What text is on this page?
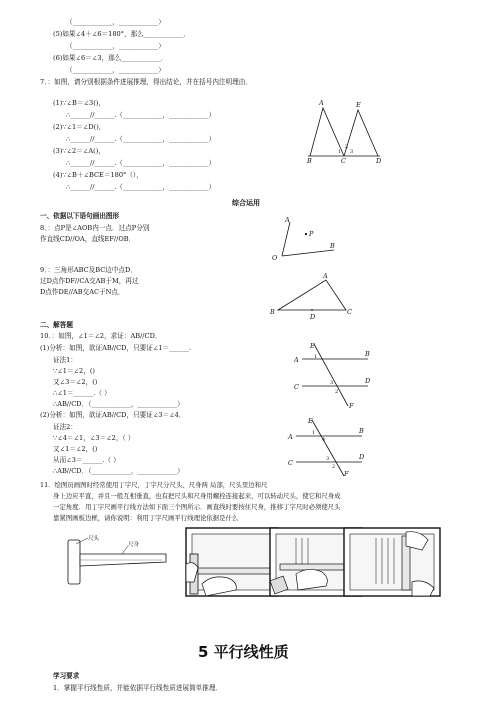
（____________，____________）
(5)如果∠4＋∠6＝180°，那么____________．
（____________，____________）
(6)如果∠6＝∠3，那么____________．
（____________，____________）
7．：如图，请分别根据条件进展推理，得出结论，并在括号内注明理由．
(1)∵∠B＝∠3()，
∴______//______.（____________，____________）
(2)∵∠1＝∠D()，
∴______//______.（____________，____________）
(3)∵∠2＝∠A()，
∴______//______.（____________，____________）
(4)∵∠B＋∠BCE＝180°（），
∴______//______.（____________，____________）
A	E
B	C	D
1
2
3
综合运用
一、依据以下语句画出图形
8．：点P是∠AOB内一点．过点P分别
作直线CD//OA，直线EF//OB．
A
P
O
B
9．：三角形ABC及BC边中点D．
过D点作DF//CA交AB于M，再过
D点作DE//AB交AC于N点．
A
B	C
D
二、解答题
10．：如图，∠1＝∠2，求证：AB//CD．
(1)分析：如图，欲证AB//CD，只要证∠1＝______.
证法1：
∵∠1＝∠2，()
又∠3＝∠2，()
∴∠1＝______.（ ）
∴AB//CD．（____________，____________）
(2)分析：如图，欲证AB//CD，只要证∠3＝∠4．
证法2：
∵∠4＝∠1，∠3＝∠2，（ ）
又∠1＝∠2，()
从而∠3＝______.（ ）
∴AB//CD．（____________，____________）
E
A
B
C
D
F
1
3
2
E
A
B
C
D
F
1
4
3
2
11．绘图员画图时经常使用丁字尺，丁字尺分尺头、尺身两 局部，尺头里边和尺
身上边应平直，并且一般互相垂直，也有把尺头和尺身用螺栓连接起来，可以转动尺头，使它和尺身成
一定角度．用丁字尺画平行线方法如下面三个图所示．画直线时要按住尺身，推移丁字尺时必须使尺头
靠紧图画板边框，请你说明：利用丁字尺画平行线理论依据是什么
尺头
尺身
5 平行线性质
学习要求
1．掌握平行线性质，并能依据平行线性质进展简单推理．
